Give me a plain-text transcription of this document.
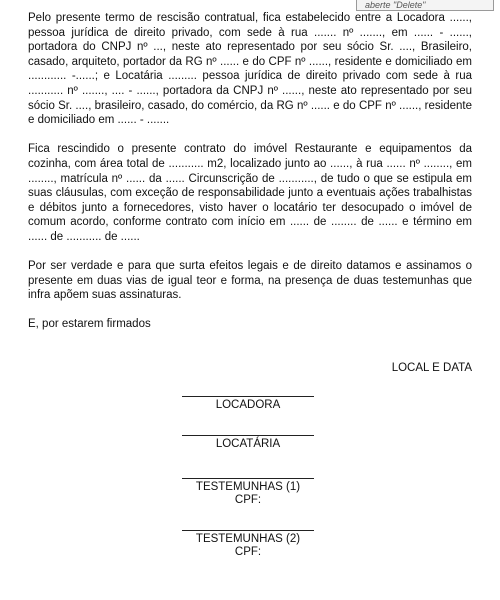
aberte "Delete"

Pelo presente termo de rescisão contratual, fica estabelecido entre a Locadora ......, pessoa jurídica de direito privado, com sede à rua ....... nº ......., em ...... - ......, portadora do CNPJ nº ..., neste ato representado por seu sócio Sr. ...., Brasileiro, casado, arquiteto, portador da RG nº ...... e do CPF nº ......, residente e domiciliado em ............ -......; e Locatária ......... pessoa jurídica de direito privado com sede à rua ........... nº ......., .... - ......, portadora da CNPJ nº ......, neste ato representado por seu sócio Sr. ...., brasileiro, casado, do comércio, da RG nº ...... e do CPF nº ......, residente e domiciliado em ...... - .......

Fica rescindido o presente contrato do imóvel Restaurante e equipamentos da cozinha, com área total de ........... m2, localizado junto ao ......, à rua ...... nº ........, em ........, matrícula nº ...... da ...... Circunscrição de ..........., de tudo o que se estipula em suas cláusulas, com exceção de responsabilidade junto a eventuais ações trabalhistas e débitos junto a fornecedores, visto haver o locatário ter desocupado o imóvel de comum acordo, conforme contrato com início em ...... de ........ de ...... e término em ...... de ........... de ......

Por ser verdade e para que surta efeitos legais e de direito datamos e assinamos o presente em duas vias de igual teor e forma, na presença de duas testemunhas que infra apõem suas assinaturas.

E, por estarem firmados

LOCAL E DATA

LOCADORA
LOCATÁRIA
TESTEMUNHAS (1)
CPF:
TESTEMUNHAS (2)
CPF:
